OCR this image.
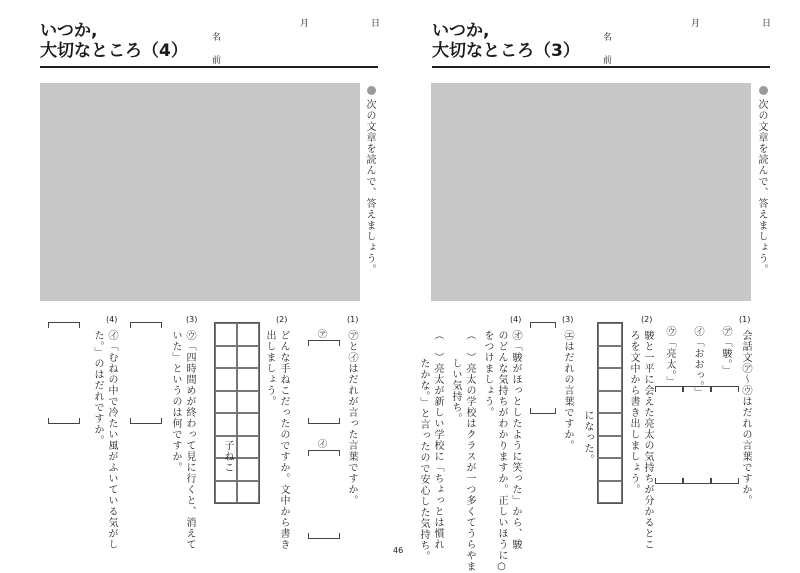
いつか,
大切なところ（4）
月	日
名
前
次の文章を読んで、答えましょう。
(1)
㋐と㋑はだれが言った言葉ですか。
㋐
㋑
(2)
どんな手ねこだったのですか。文中から書き
出しましょう。
子ねこ
(3)
㋒「四時間めが終わって見に行くと、消えて
いた」というのは何ですか。
(4)
㋑「むねの中で冷たい風がふいている気がし
た。」のはだれですか。
いつか,
大切なところ（3）
月	日
名
前
次の文章を読んで、答えましょう。
(1)
会話文㋐〜㋒はだれの言葉ですか。
㋐「駿。」
㋑「おおっ。」
㋒「亮太。」
(2)
駿と一平に会えた亮太の気持ちが分かるとこ
ろを文中から書き出しましょう。
になった。
(3)
㋓はだれの言葉ですか。
(4)
㋔「駿がほっとしたように笑った」から、駿
のどんな気持ちがわかりますか。正しいほうに○
をつけましょう。
（　）亮太の学校はクラスが一つ多くてうらやま
しい気持ち。
（　）亮太が新しい学校に「ちょっとは慣れ
たかな。」と言ったので安心した気持ち。
46
